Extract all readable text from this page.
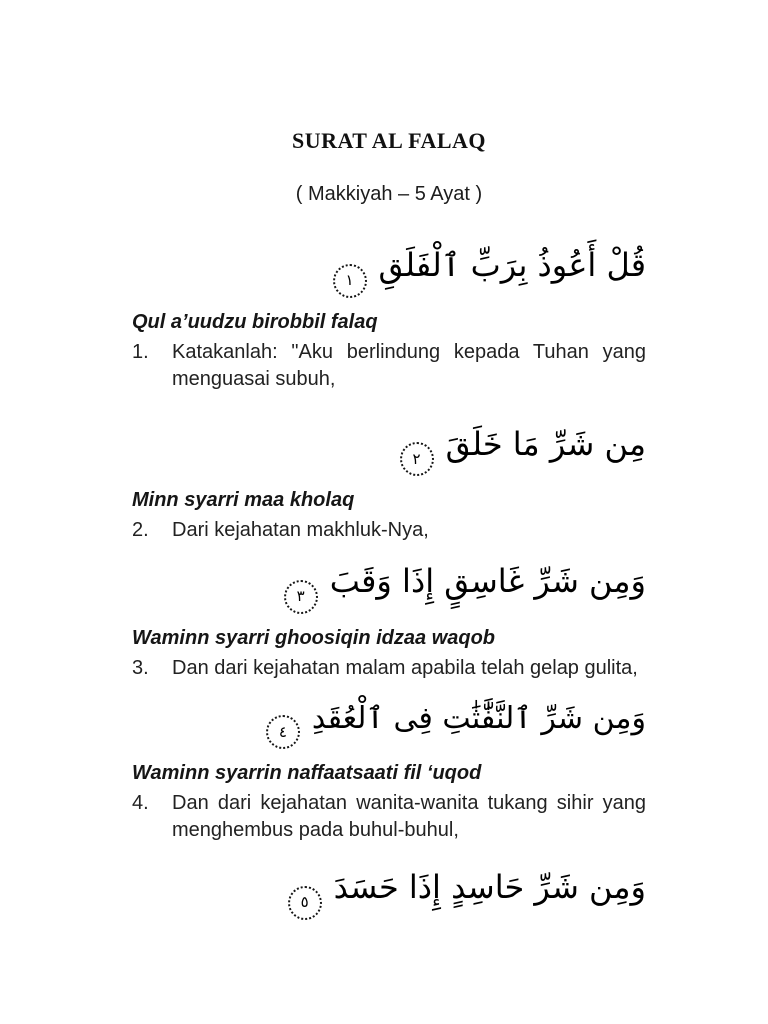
SURAT AL FALAQ
( Makkiyah – 5 Ayat )
قُلْ أَعُوذُ بِرَبِّ ٱلْفَلَقِ١
Qul a’uudzu birobbil falaq
1.	Katakanlah: "Aku berlindung kepada Tuhan yang menguasai subuh,
مِن شَرِّ مَا خَلَقَ٢
Minn syarri maa kholaq
2.	Dari kejahatan makhluk-Nya,
وَمِن شَرِّ غَاسِقٍ إِذَا وَقَبَ٣
Waminn syarri ghoosiqin idzaa waqob
3.	Dan dari kejahatan malam apabila telah gelap gulita,
وَمِن شَرِّ ٱلنَّفَّٰثَٰتِ فِى ٱلْعُقَدِ٤
Waminn syarrin naffaatsaati fil ‘uqod
4.	Dan dari kejahatan wanita-wanita tukang sihir yang menghembus pada buhul-buhul,
وَمِن شَرِّ حَاسِدٍ إِذَا حَسَدَ٥
